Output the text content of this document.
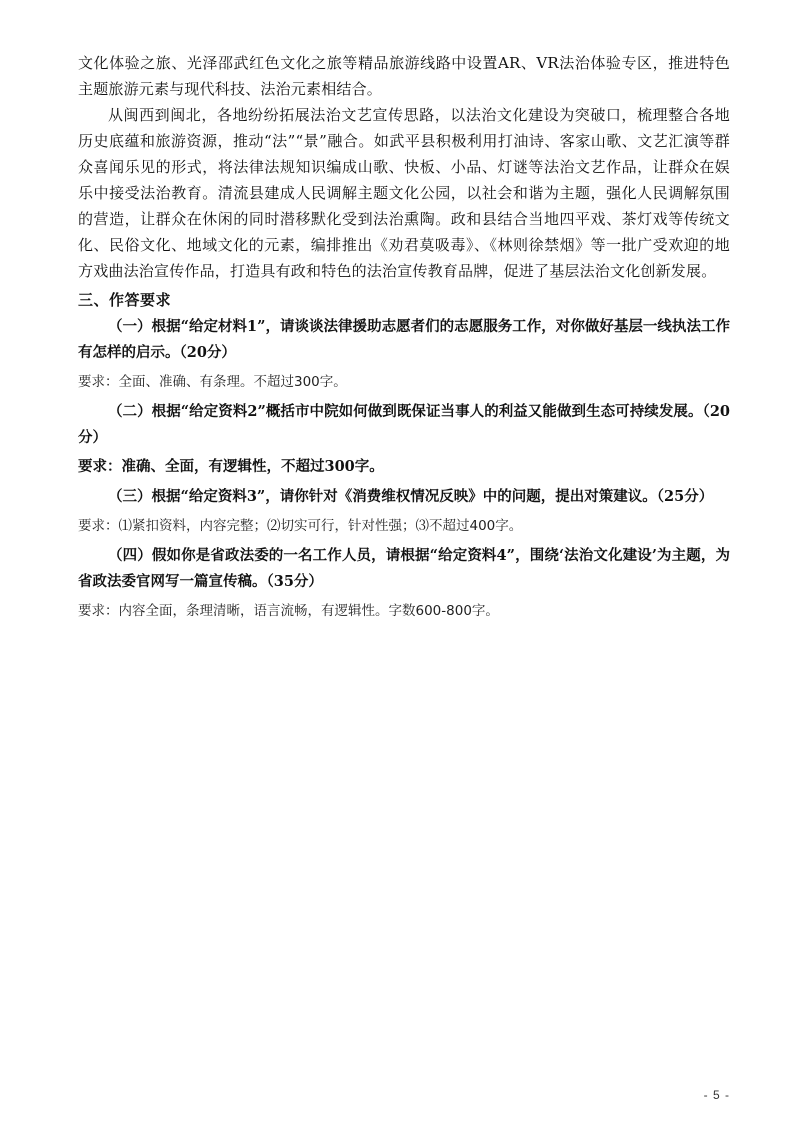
文化体验之旅、光泽邵武红色文化之旅等精品旅游线路中设置AR、VR法治体验专区，推进特色主题旅游元素与现代科技、法治元素相结合。

从闽西到闽北，各地纷纷拓展法治文艺宣传思路，以法治文化建设为突破口，梳理整合各地历史底蕴和旅游资源，推动“法”“景”融合。如武平县积极利用打油诗、客家山歌、文艺汇演等群众喜闻乐见的形式，将法律法规知识编成山歌、快板、小品、灯谜等法治文艺作品，让群众在娱乐中接受法治教育。清流县建成人民调解主题文化公园，以社会和谐为主题，强化人民调解氛围的营造，让群众在休闲的同时潜移默化受到法治熏陶。政和县结合当地四平戏、茶灯戏等传统文化、民俗文化、地域文化的元素，编排推出《劝君莫吸毒》、《林则徐禁烟》等一批广受欢迎的地方戏曲法治宣传作品，打造具有政和特色的法治宣传教育品牌，促进了基层法治文化创新发展。

三、作答要求

（一）根据“给定材料1”，请谈谈法律援助志愿者们的志愿服务工作，对你做好基层一线执法工作有怎样的启示。（20分）

要求：全面、准确、有条理。不超过300字。

（二）根据“给定资料2”概括市中院如何做到既保证当事人的利益又能做到生态可持续发展。（20分）

要求：准确、全面，有逻辑性，不超过300字。

（三）根据“给定资料3”，请你针对《消费维权情况反映》中的问题，提出对策建议。（25分）

要求：⑴紧扣资料，内容完整；⑵切实可行，针对性强；⑶不超过400字。

（四）假如你是省政法委的一名工作人员，请根据“给定资料4”，围绕‘法治文化建设’为主题，为省政法委官网写一篇宣传稿。（35分）

要求：内容全面，条理清晰，语言流畅，有逻辑性。字数600-800字。

- 5 -
